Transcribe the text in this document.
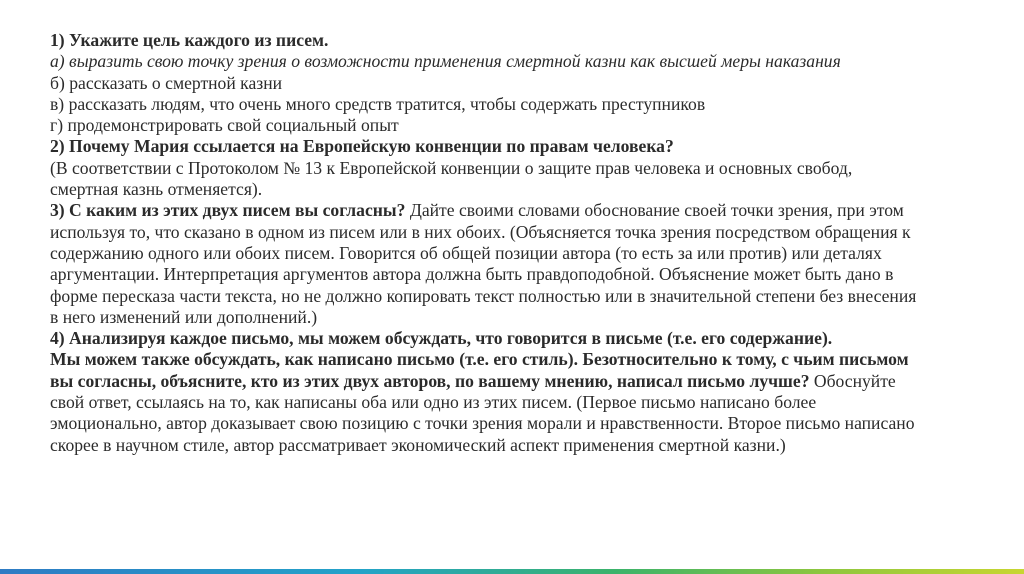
1) Укажите цель каждого из писем.
а) выразить свою точку зрения о возможности применения смертной казни как высшей меры наказания
б) рассказать о смертной казни
в) рассказать людям, что очень много средств тратится, чтобы содержать преступников
г) продемонстрировать свой социальный опыт
2) Почему Мария ссылается на Европейскую конвенции по правам человека?
(В соответствии с Протоколом № 13 к Европейской конвенции о защите прав человека и основных свобод,
смертная казнь отменяется).
3) С каким из этих двух писем вы согласны? Дайте своими словами обоснование своей точки зрения, при этом
используя то, что сказано в одном из писем или в них обоих. (Объясняется точка зрения посредством обращения к
содержанию одного или обоих писем. Говорится об общей позиции автора (то есть за или против) или деталях
аргументации. Интерпретация аргументов автора должна быть правдоподобной. Объяснение может быть дано в
форме пересказа части текста, но не должно копировать текст полностью или в значительной степени без внесения
в него изменений или дополнений.)
4) Анализируя каждое письмо, мы можем обсуждать, что говорится в письме (т.е. его содержание).
Мы можем также обсуждать, как написано письмо (т.е. его стиль). Безотносительно к тому, с чьим письмом
вы согласны, объясните, кто из этих двух авторов, по вашему мнению, написал письмо лучше? Обоснуйте
свой ответ, ссылаясь на то, как написаны оба или одно из этих писем. (Первое письмо написано более
эмоционально, автор доказывает свою позицию с точки зрения морали и нравственности. Второе письмо написано
скорее в научном стиле, автор рассматривает экономический аспект применения смертной казни.)
